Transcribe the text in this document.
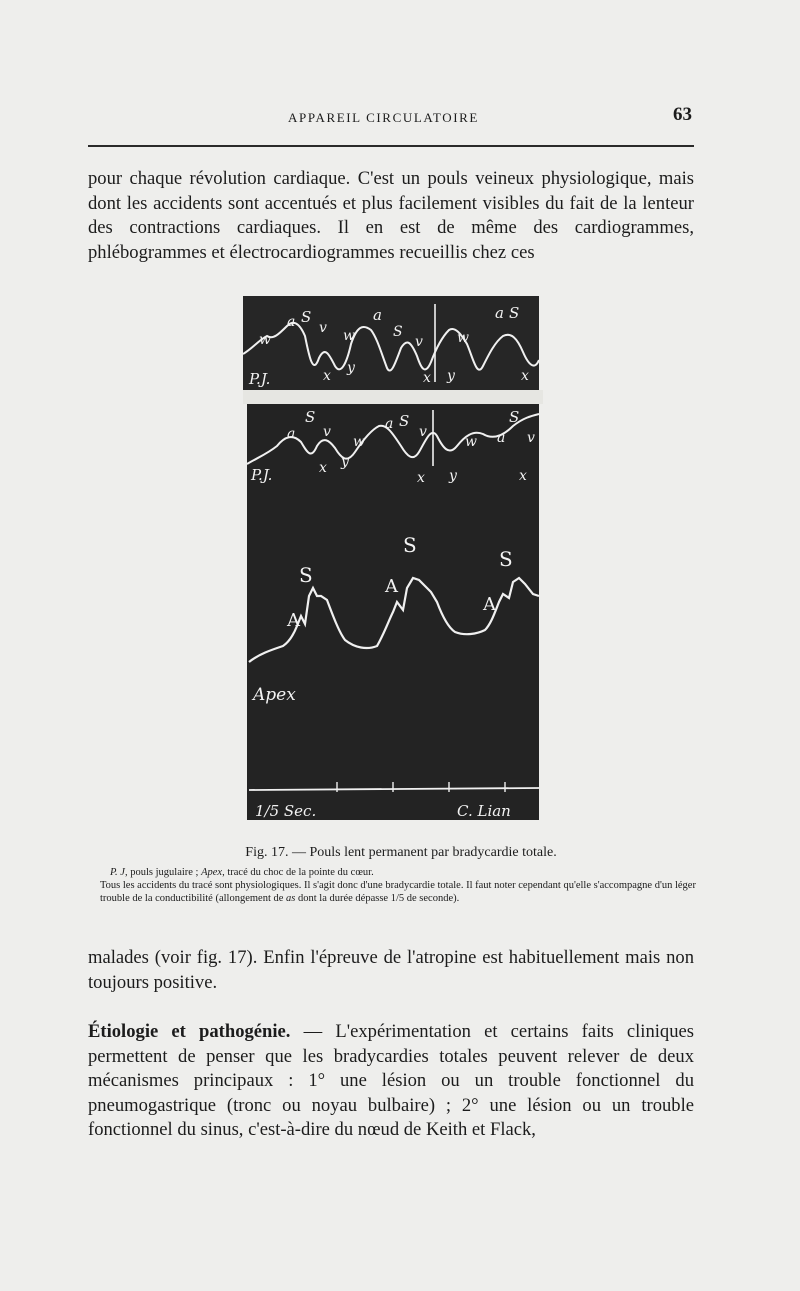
APPAREIL CIRCULATOIRE	63

pour chaque révolution cardiaque. C'est un pouls veineux physiologique, mais dont les accidents sont accentués et plus facilement visibles du fait de la lenteur des contractions cardiaques. Il en est de même des cardiogrammes, phlébogrammes et électrocardiogrammes recueillis chez ces

P.J.
w
a S
v w
a
S
v w
a S
x y
x y	x
P.J.
a
S
v
w
a S
v
w a
S
v
x y
x y	x
Apex
S
A
S
A
S
A
1/5 Sec.	C. Lian

Fig. 17. — Pouls lent permanent par bradycardie totale.

P. J, pouls jugulaire ; Apex, tracé du choc de la pointe du cœur.

Tous les accidents du tracé sont physiologiques. Il s'agit donc d'une bradycardie totale. Il faut noter cependant qu'elle s'accompagne d'un léger trouble de la conductibilité (allongement de as dont la durée dépasse 1/5 de seconde).

malades (voir fig. 17). Enfin l'épreuve de l'atropine est habituellement mais non toujours positive.

Étiologie et pathogénie. — L'expérimentation et certains faits cliniques permettent de penser que les bradycardies totales peuvent relever de deux mécanismes principaux : 1° une lésion ou un trouble fonctionnel du pneumogastrique (tronc ou noyau bulbaire) ; 2° une lésion ou un trouble fonctionnel du sinus, c'est-à-dire du nœud de Keith et Flack,
